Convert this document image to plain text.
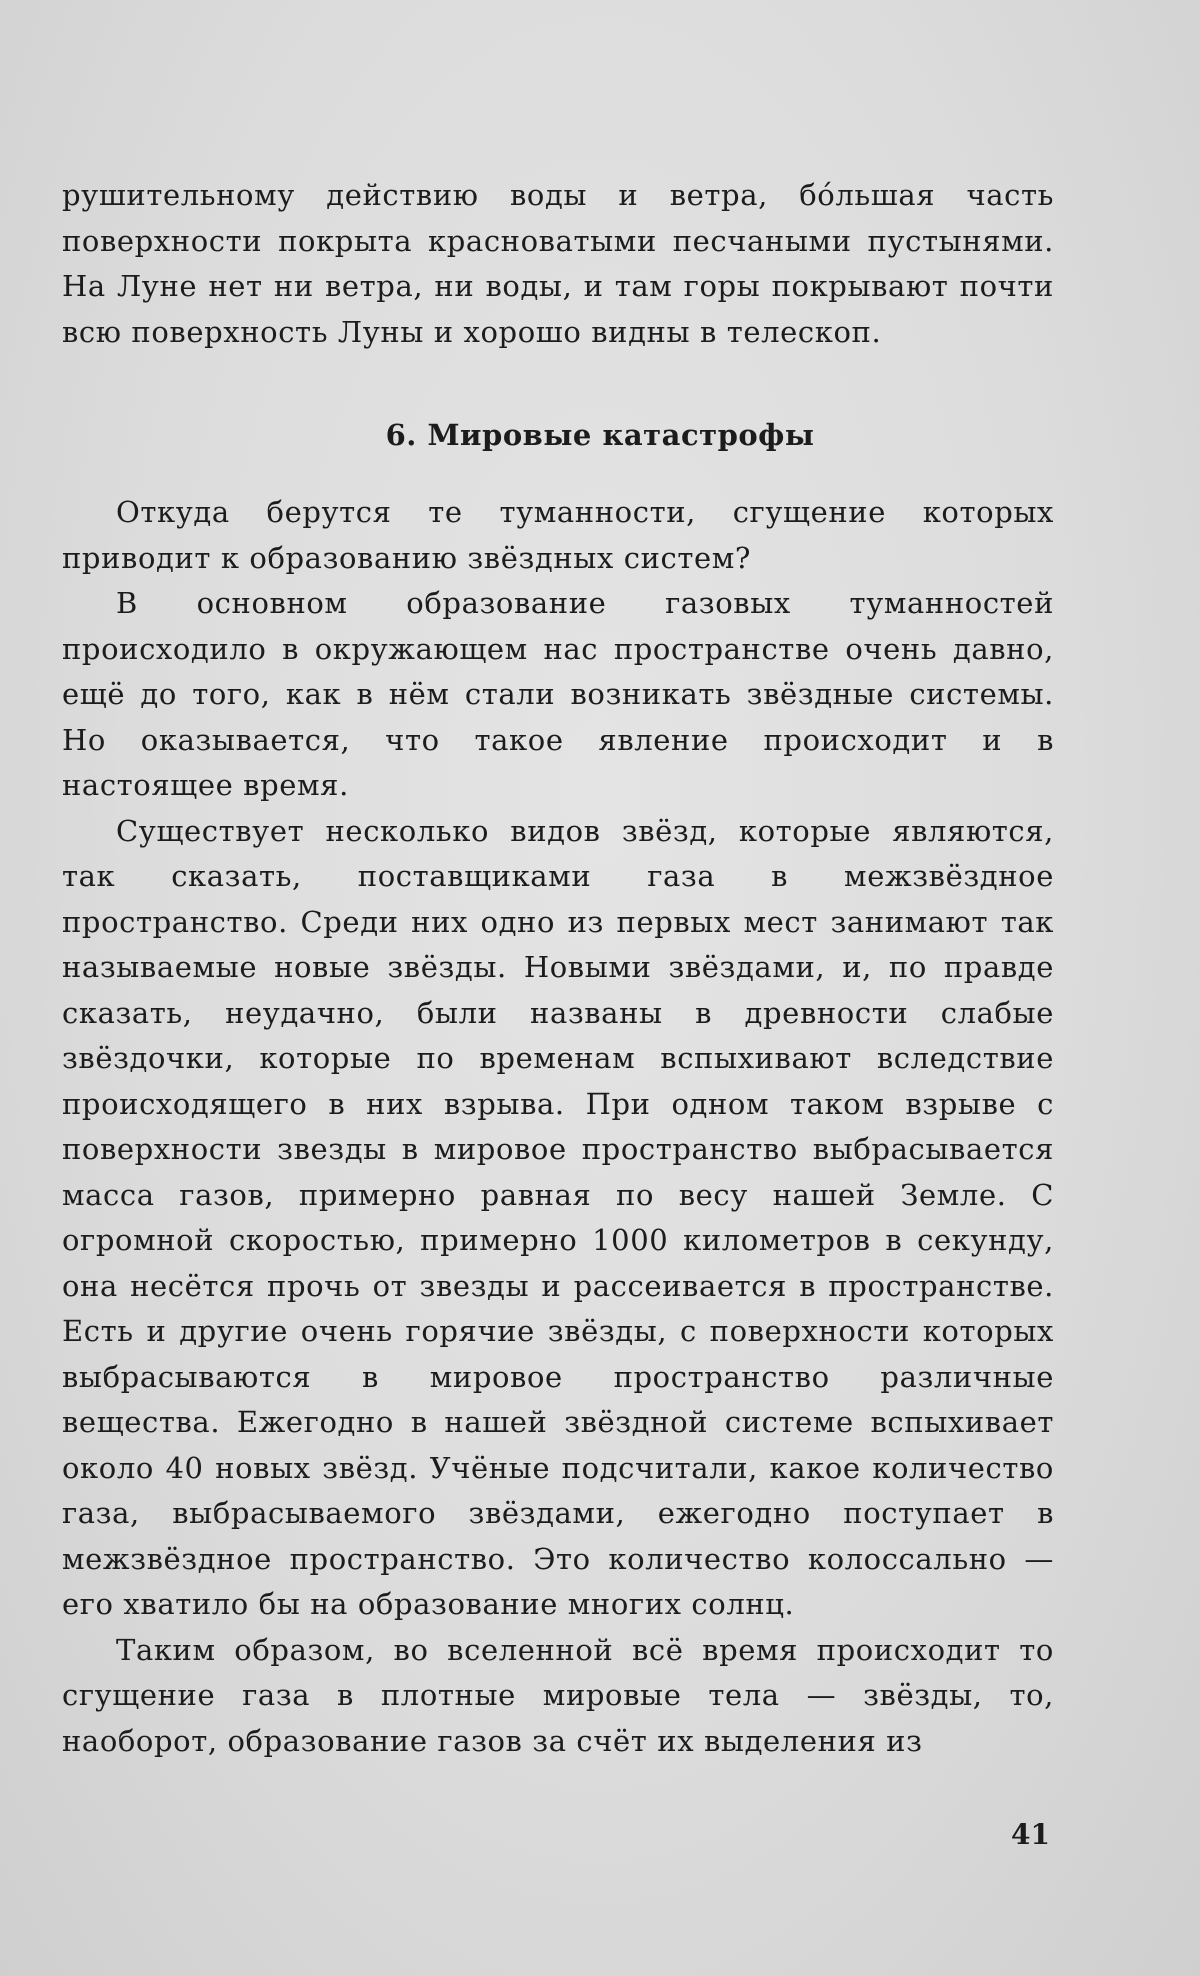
рушительному действию воды и ветра, бо́льшая часть поверхности покрыта красноватыми песчаными пустынями. На Луне нет ни ветра, ни воды, и там горы покрывают почти всю поверхность Луны и хорошо видны в телескоп.

6. Мировые катастрофы

Откуда берутся те туманности, сгущение которых приводит к образованию звёздных систем?

В основном образование газовых туманностей происходило в окружающем нас пространстве очень давно, ещё до того, как в нём стали возникать звёздные системы. Но оказывается, что такое явление происходит и в настоящее время.

Существует несколько видов звёзд, которые являются, так сказать, поставщиками газа в межзвёздное пространство. Среди них одно из первых мест занимают так называемые новые звёзды. Новыми звёздами, и, по правде сказать, неудачно, были названы в древности слабые звёздочки, которые по временам вспыхивают вследствие происходящего в них взрыва. При одном таком взрыве с поверхности звезды в мировое пространство выбрасывается масса газов, примерно равная по весу нашей Земле. С огромной скоростью, примерно 1000 километров в секунду, она несётся прочь от звезды и рассеивается в пространстве. Есть и другие очень горячие звёзды, с поверхности которых выбрасываются в мировое пространство различные вещества. Ежегодно в нашей звёздной системе вспыхивает около 40 новых звёзд. Учёные подсчитали, какое количество газа, выбрасываемого звёздами, ежегодно поступает в межзвёздное пространство. Это количество колоссально — его хватило бы на образование многих солнц.

Таким образом, во вселенной всё время происходит то сгущение газа в плотные мировые тела — звёзды, то, наоборот, образование газов за счёт их выделения из

41
